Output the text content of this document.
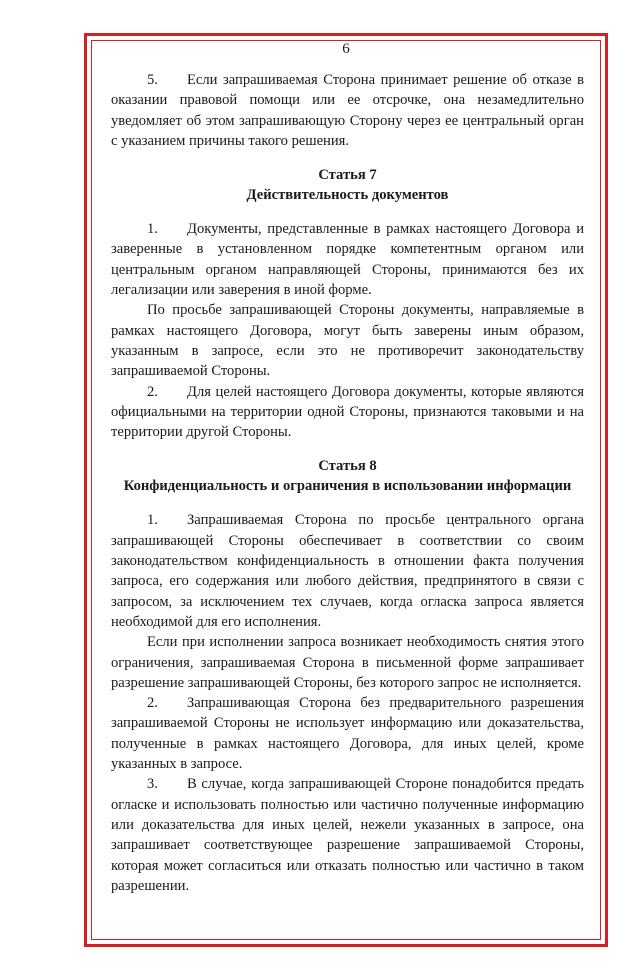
6

5. Если запрашиваемая Сторона принимает решение об отказе в оказании правовой помощи или ее отсрочке, она незамедлительно уведомляет об этом запрашивающую Сторону через ее центральный орган с указанием причины такого решения.

Статья 7
Действительность документов

1. Документы, представленные в рамках настоящего Договора и заверенные в установленном порядке компетентным органом или центральным органом направляющей Стороны, принимаются без их легализации или заверения в иной форме.

По просьбе запрашивающей Стороны документы, направляемые в рамках настоящего Договора, могут быть заверены иным образом, указанным в запросе, если это не противоречит законодательству запрашиваемой Стороны.

2. Для целей настоящего Договора документы, которые являются официальными на территории одной Стороны, признаются таковыми и на территории другой Стороны.

Статья 8
Конфиденциальность и ограничения в использовании информации

1. Запрашиваемая Сторона по просьбе центрального органа запрашивающей Стороны обеспечивает в соответствии со своим законодательством конфиденциальность в отношении факта получения запроса, его содержания или любого действия, предпринятого в связи с запросом, за исключением тех случаев, когда огласка запроса является необходимой для его исполнения.

Если при исполнении запроса возникает необходимость снятия этого ограничения, запрашиваемая Сторона в письменной форме запрашивает разрешение запрашивающей Стороны, без которого запрос не исполняется.

2. Запрашивающая Сторона без предварительного разрешения запрашиваемой Стороны не использует информацию или доказательства, полученные в рамках настоящего Договора, для иных целей, кроме указанных в запросе.

3. В случае, когда запрашивающей Стороне понадобится предать огласке и использовать полностью или частично полученные информацию или доказательства для иных целей, нежели указанных в запросе, она запрашивает соответствующее разрешение запрашиваемой Стороны, которая может согласиться или отказать полностью или частично в таком разрешении.
